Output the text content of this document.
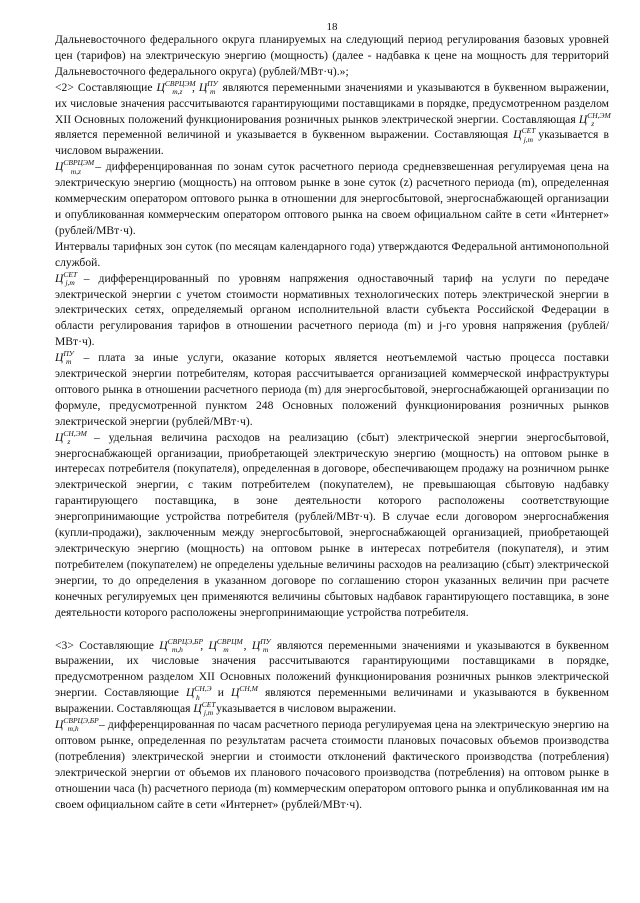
18

Дальневосточного федерального округа планируемых на следующий период регулирования базовых уровней цен (тарифов) на электрическую энергию (мощность) (далее - надбавка к цене на мощность для территорий Дальневосточного федерального округа) (рублей/МВт·ч).»;

<2> Составляющие $Ц^{СВРЦЭМ}_{m,z}$ , $Ц^{ПУ}_m$ являются переменными значениями и указываются в буквенном выражении, их числовые значения рассчитываются гарантирующими поставщиками в порядке, предусмотренном разделом XII Основных положений функционирования розничных рынков электрической энергии. Составляющая $Ц^{СН,ЭМ}_z$ является переменной величиной и указывается в буквенном выражении. Составляющая $Ц^{СЕТ}_{j,m}$ указывается в числовом выражении.

$Ц^{СВРЦЭМ}_{m,z}$ – дифференцированная по зонам суток расчетного периода средневзвешенная регулируемая цена на электрическую энергию (мощность) на оптовом рынке в зоне суток (z) расчетного периода (m), определенная коммерческим оператором оптового рынка в отношении для энергосбытовой, энергоснабжающей организации и опубликованная коммерческим оператором оптового рынка на своем официальном сайте в сети «Интернет» (рублей/МВт·ч).

Интервалы тарифных зон суток (по месяцам календарного года) утверждаются Федеральной антимонопольной службой.

$Ц^{СЕТ}_{j,m}$ – дифференцированный по уровням напряжения одноставочный тариф на услуги по передаче электрической энергии с учетом стоимости нормативных технологических потерь электрической энергии в электрических сетях, определяемый органом исполнительной власти субъекта Российской Федерации в области регулирования тарифов в отношении расчетного периода (m) и j-го уровня напряжения (рублей/МВт·ч).

$Ц^{ПУ}_m$ – плата за иные услуги, оказание которых является неотъемлемой частью процесса поставки электрической энергии потребителям, которая рассчитывается организацией коммерческой инфраструктуры оптового рынка в отношении расчетного периода (m) для энергосбытовой, энергоснабжающей организации по формуле, предусмотренной пунктом 248 Основных положений функционирования розничных рынков электрической энергии (рублей/МВт·ч).

$Ц^{СН,ЭМ}_z$ – удельная величина расходов на реализацию (сбыт) электрической энергии энергосбытовой, энергоснабжающей организации, приобретающей электрическую энергию (мощность) на оптовом рынке в интересах потребителя (покупателя), определенная в договоре, обеспечивающем продажу на розничном рынке электрической энергии, с таким потребителем (покупателем), не превышающая сбытовую надбавку гарантирующего поставщика, в зоне деятельности которого расположены соответствующие энергопринимающие устройства потребителя (рублей/МВт·ч). В случае если договором энергоснабжения (купли-продажи), заключенным между энергосбытовой, энергоснабжающей организацией, приобретающей электрическую энергию (мощность) на оптовом рынке в интересах потребителя (покупателя), и этим потребителем (покупателем) не определены удельные величины расходов на реализацию (сбыт) электрической энергии, то до определения в указанном договоре по соглашению сторон указанных величин при расчете конечных регулируемых цен применяются величины сбытовых надбавок гарантирующего поставщика, в зоне деятельности которого расположены энергопринимающие устройства потребителя.

<3> Составляющие $Ц^{СВРЦЭ,БР}_{m,h}$ , $Ц^{СВРЦМ}_m$ , $Ц^{ПУ}_m$ являются переменными значениями и указываются в буквенном выражении, их числовые значения рассчитываются гарантирующими поставщиками в порядке, предусмотренном разделом XII Основных положений функционирования розничных рынков электрической энергии. Составляющие $Ц^{СН,Э}_h$ и $Ц^{СН,М}$ являются переменными величинами и указываются в буквенном выражении. Составляющая $Ц^{СЕТ}_{j,m}$ указывается в числовом выражении.

$Ц^{СВРЦЭ,БР}_{m,h}$ – дифференцированная по часам расчетного периода регулируемая цена на электрическую энергию на оптовом рынке, определенная по результатам расчета стоимости плановых почасовых объемов производства (потребления) электрической энергии и стоимости отклонений фактического производства (потребления) электрической энергии от объемов их планового почасового производства (потребления) на оптовом рынке в отношении часа (h) расчетного периода (m) коммерческим оператором оптового рынка и опубликованная им на своем официальном сайте в сети «Интернет» (рублей/МВт·ч).
